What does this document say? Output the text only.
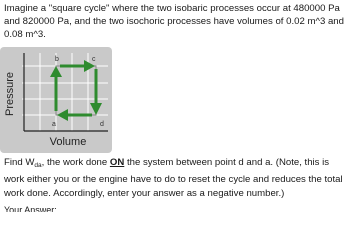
Imagine a "square cycle" where the two isobaric processes occur at 480000 Pa and 820000 Pa, and the two isochoric processes have volumes of 0.02 m^3 and 0.08 m^3.

a
b	c
d
Pressure
Volume

Find $W_{da}$, the work done ON the system between point d and a. (Note, this is work either you or the engine have to do to reset the cycle and reduces the total work done. Accordingly, enter your answer as a negative number.)

Your Answer:
